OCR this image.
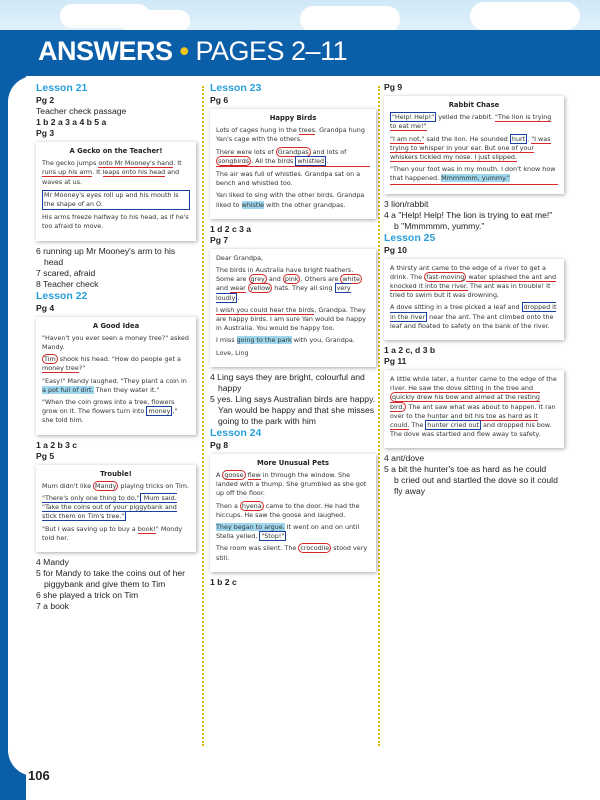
ANSWERS • PAGES 2–11
Lesson 21
Pg 2
Teacher check passage
1 b 2 a 3 a 4 b 5 a
Pg 3
A Gecko on the Teacher!

The gecko jumps onto Mr Mooney's hand. It runs up his arm. It leaps onto his head and waves at us.

Mr Mooney's eyes roll up and his mouth is the shape of an O.

His arms freeze halfway to his head, as if he's too afraid to move.

6 running up Mr Mooney's arm to his head
7 scared, afraid
8 Teacher check
Lesson 22
Pg 4
A Good Idea

"Haven't you ever seen a money tree?" asked Mandy.

Tim shook his head. "How do people get a money tree?"

"Easy!" Mandy laughed. "They plant a coin in a pot full of dirt. Then they water it."

"When the coin grows into a tree, flowers grow on it. The flowers turn into money ," she told him.

1 a 2 b 3 c
Pg 5
Trouble!

Mum didn't like Mandy playing tricks on Tim.

"There's only one thing to do," Mum said. "Take the coins out of your piggybank and stick them on Tim's tree."

"But I was saving up to buy a book!" Mondy told her.

4 Mandy
5 for Mandy to take the coins out of her piggybank and give them to Tim
6 she played a trick on Tim
7 a book
Lesson 23
Pg 6
Happy Birds

Lots of cages hung in the trees. Grandpa hung Yan's cage with the others.

There were lots of Grandpas and lots of songbirds . All the birds whistled .

The air was full of whistles. Grandpa sat on a bench and whistled too.

Yan liked to sing with the other birds. Grandpa liked to whistle with the other grandpas.

1 d 2 c 3 a
Pg 7

Dear Grandpa,

The birds in Australia have bright feathers. Some are grey and pink . Others are white and wear yellow hats. They all sing very loudly .

I wish you could hear the birds, Grandpa. They are happy birds. I am sure Yan would be happy in Australia. You would be happy too.

I miss going to the park with you, Grandpa.

Love, Ling

4 Ling says they are bright, colourful and happy
5 yes. Ling says Australian birds are happy. Yan would be happy and that she misses going to the park with him
Lesson 24
Pg 8
More Unusual Pets

A goose flew in through the window. She landed with a thump. She grumbled as she got up off the floor.

Then a hyena came to the door. He had the hiccups. He saw the goose and laughed.

They began to argue. It went on and on until Stella yelled, "Stop!"

The room was silent. The crocodile stood very still.

1 b 2 c
Pg 9
Rabbit Chase

"Help! Help!" yelled the rabbit. "The lion is trying to eat me!"

"I am not," said the lion. He sounded hurt . "I was trying to whisper in your ear. But one of your whiskers tickled my nose. I just slipped.

"Then your foot was in my mouth. I don't know how that happened. Mmmmmm, yummy."

3 lion/rabbit
4 a "Help! Help! The lion is trying to eat me!"
b "Mmmmmm, yummy."
Lesson 25
Pg 10

A thirsty ant came to the edge of a river to get a drink. The fast-moving water splashed the ant and knocked it into the river. The ant was in trouble! It tried to swim but it was drowning.

A dove sitting in a tree picked a leaf and dropped it in the river near the ant. The ant climbed onto the leaf and floated to safety on the bank of the river.

1 a 2 c, d 3 b
Pg 11

A little while later, a hunter came to the edge of the river. He saw the dove sitting in the tree and quickly drew his bow and aimed at the resting bird. The ant saw what was about to happen. It ran over to the hunter and bit his toe as hard as it could. The hunter cried out and dropped his bow. The dove was startled and flew away to safety.

4 ant/dove
5 a bit the hunter's toe as hard as he could
b cried out and startled the dove so it could fly away
106
